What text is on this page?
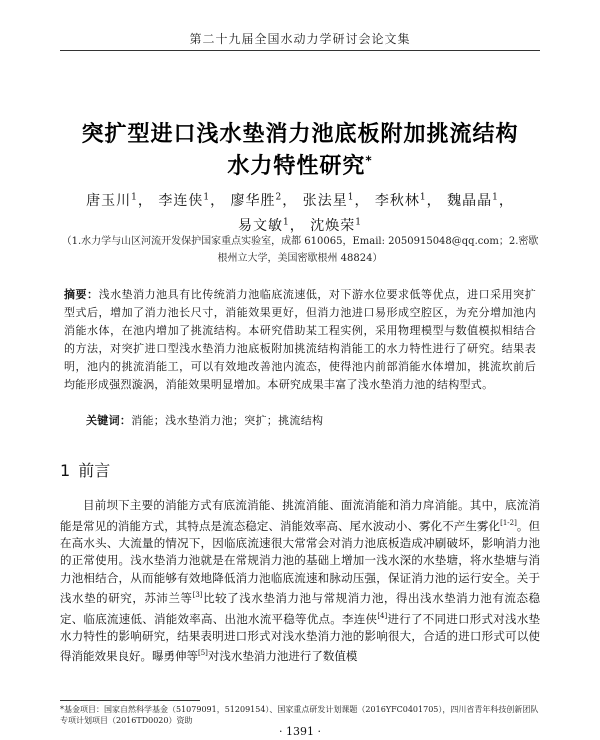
第二十九届全国水动力学研讨会论文集
突扩型进口浅水垫消力池底板附加挑流结构
水力特性研究*
唐玉川$^1$， 李连侠$^1$， 廖华胜$^2$， 张法星$^1$， 李秋林$^1$， 魏晶晶$^1$，
易文敏$^1$， 沈焕荣$^1$
（1.水力学与山区河流开发保护国家重点实验室，成都 610065，Email: 2050915048@qq.com；2.密歇根州立大学，美国密歇根州 48824）
摘要：浅水垫消力池具有比传统消力池临底流速低，对下游水位要求低等优点，进口采用突扩型式后，增加了消力池长尺寸，消能效果更好，但消力池进口易形成空腔区，为充分增加池内消能水体，在池内增加了挑流结构。本研究借助某工程实例，采用物理模型与数值模拟相结合的方法，对突扩进口型浅水垫消力池底板附加挑流结构消能工的水力特性进行了研究。结果表明，池内的挑流消能工，可以有效地改善池内流态，使得池内前部消能水体增加，挑流坎前后均能形成强烈漩涡，消能效果明显增加。本研究成果丰富了浅水垫消力池的结构型式。
关键词：消能；浅水垫消力池；突扩；挑流结构
1 前言
目前坝下主要的消能方式有底流消能、挑流消能、面流消能和消力戽消能。其中，底流消能是常见的消能方式，其特点是流态稳定、消能效率高、尾水波动小、雾化不产生雾化[1-2]。但在高水头、大流量的情况下，因临底流速很大常常会对消力池底板造成冲刷破坏，影响消力池的正常使用。浅水垫消力池就是在常规消力池的基础上增加一浅水深的水垫塘，将水垫塘与消力池相结合，从而能够有效地降低消力池临底流速和脉动压强，保证消力池的运行安全。关于浅水垫的研究，苏沛兰等[3]比较了浅水垫消力池与常规消力池，得出浅水垫消力池有流态稳定、临底流速低、消能效率高、出池水流平稳等优点。李连侠[4]进行了不同进口形式对浅水垫水力特性的影响研究，结果表明进口形式对浅水垫消力池的影响很大，合适的进口形式可以使得消能效果良好。曝勇伸等[5]对浅水垫消力池进行了数值模
*基金项目：国家自然科学基金（51079091，51209154）、国家重点研发计划课题（2016YFC0401705），四川省青年科技创新团队专项计划项目（2016TD0020）资助
· 1391 ·
